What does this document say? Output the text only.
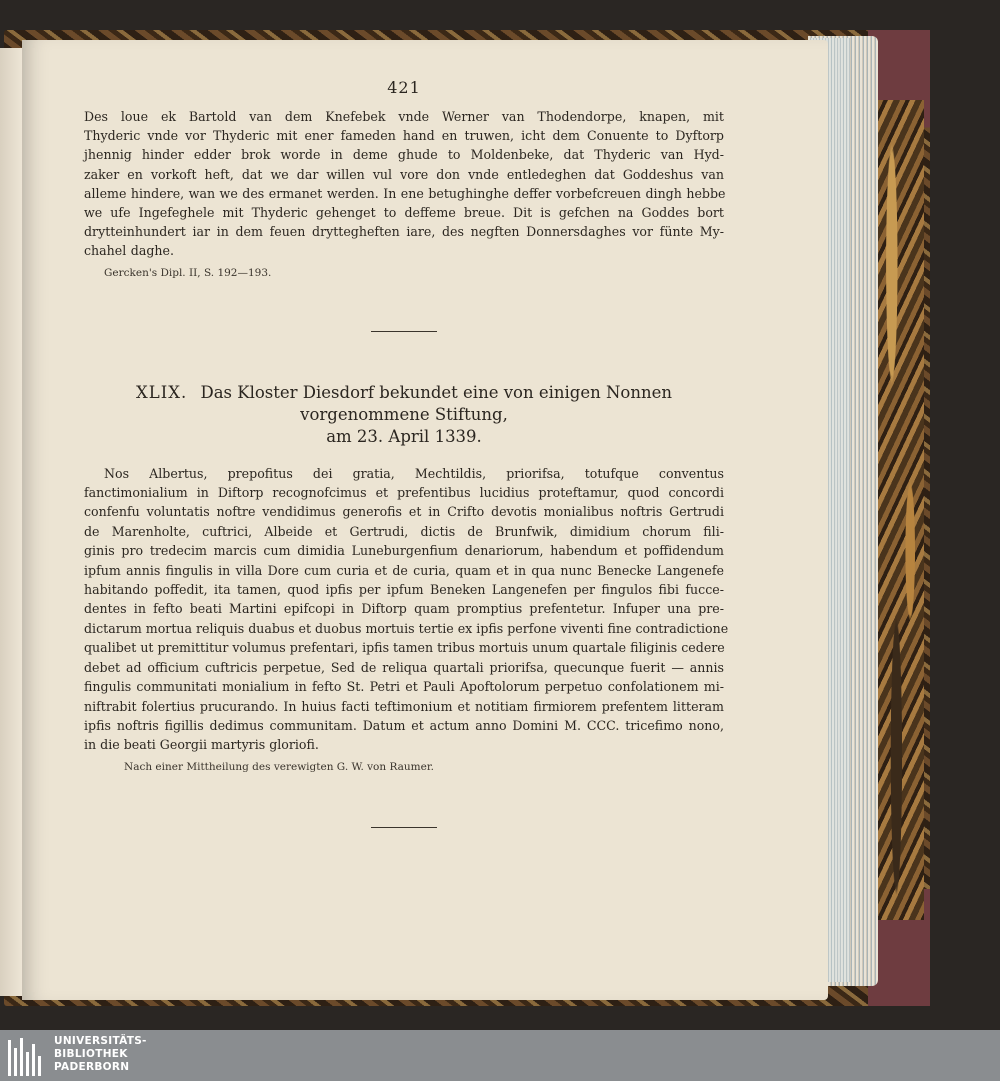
421

Des loue ek Bartold van dem Knefebek vnde Werner van Thodendorpe, knapen, mit
Thyderic vnde vor Thyderic mit ener fameden hand en truwen, icht dem Conuente to Dyftorp
jhennig hinder edder brok worde in deme ghude to Moldenbeke, dat Thyderic van Hyd-
zaker en vorkoft heft, dat we dar willen vul vore don vnde entledeghen dat Goddeshus van
alleme hindere, wan we des ermanet werden. In ene betughinghe deffer vorbefcreuen dingh hebbe
we ufe Ingefeghele mit Thyderic gehenget to deffeme breue. Dit is gefchen na Goddes bort
drytteinhundert iar in dem feuen dryttegheften iare, des negften Donnersdaghes vor fünte My-
chahel daghe.

Gercken's Dipl. II, S. 192—193.
XLIX. Das Kloster Diesdorf bekundet eine von einigen Nonnen vorgenommene Stiftung,
am 23. April 1339.

Nos Albertus, prepofitus dei gratia, Mechtildis, priorifsa, totufque conventus
fanctimonialium in Diftorp recognofcimus et prefentibus lucidius proteftamur, quod concordi
confenfu voluntatis noftre vendidimus generofis et in Crifto devotis monialibus noftris Gertrudi
de Marenholte, cuftrici, Albeide et Gertrudi, dictis de Brunfwik, dimidium chorum fili-
ginis pro tredecim marcis cum dimidia Luneburgenfium denariorum, habendum et poffidendum
ipfum annis fingulis in villa Dore cum curia et de curia, quam et in qua nunc Benecke Langenefe
habitando poffedit, ita tamen, quod ipfis per ipfum Beneken Langenefen per fingulos fibi fucce-
dentes in fefto beati Martini epifcopi in Diftorp quam promptius prefentetur. Infuper una pre-
dictarum mortua reliquis duabus et duobus mortuis tertie ex ipfis perfone viventi fine contradictione
qualibet ut premittitur volumus prefentari, ipfis tamen tribus mortuis unum quartale filiginis cedere
debet ad officium cuftricis perpetue, Sed de reliqua quartali priorifsa, quecunque fuerit — annis
fingulis communitati monialium in fefto St. Petri et Pauli Apoftolorum perpetuo confolationem mi-
niftrabit folertius prucurando. In huius facti teftimonium et notitiam firmiorem prefentem litteram
ipfis noftris figillis dedimus communitam. Datum et actum anno Domini M. CCC. tricefimo nono,
in die beati Georgii martyris gloriofi.

Nach einer Mittheilung des verewigten G. W. von Raumer.
UNIVERSITÄTS-
BIBLIOTHEK
PADERBORN
